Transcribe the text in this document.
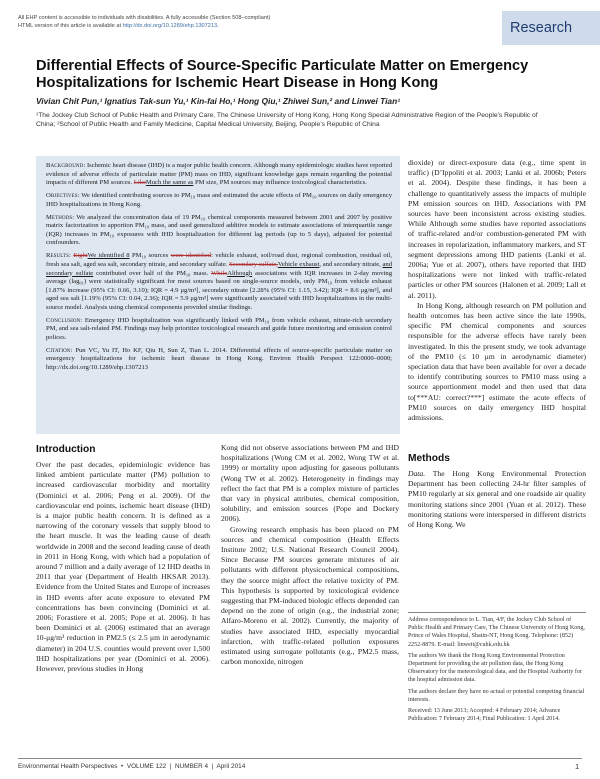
All EHP content is accessible to individuals with disabilities. A fully accessible (Section 508–compliant)
HTML version of this article is available at http://dx.doi.org/10.1289/ehp.1307213.	Research
Differential Effects of Source-Specific Particulate Matter on Emergency Hospitalizations for Ischemic Heart Disease in Hong Kong
Vivian Chit Pun,¹ Ignatius Tak-sun Yu,¹ Kin-fai Ho,¹ Hong Qiu,¹ Zhiwei Sun,² and Linwei Tian¹
¹The Jockey Club School of Public Health and Primary Care, The Chinese University of Hong Kong, Hong Kong Special Administrative Region of the People’s Republic of China; ²School of Public Health and Family Medicine, Capital Medical University, Beijing, People’s Republic of China

Background: Ischemic heart disease (IHD) is a major public health concern. Although many epidemiologic studies have reported evidence of adverse effects of particulate matter (PM) mass on IHD, significant knowledge gaps remain regarding the potential impacts of different PM sources. LikeMuch the same as PM size, PM sources may influence toxicological characteristics.

Objectives: We identified contributing sources to PM₁₀ mass and estimated the acute effects of PM₁₀ sources on daily emergency IHD hospitalizations in Hong Kong.

Methods: We analyzed the concentration data of 19 PM₁₀ chemical components measured between 2001 and 2007 by positive matrix factorization to apportion PM₁₀ mass, and used generalized additive models to estimate associations of interquartile range (IQR) increases in PM₁₀ exposures with IHD hospitalization for different lag periods (up to 5 days), adjusted for potential confounders.

Results: EightWe identified 8 PM₁₀ sources were identified: vehicle exhaust, soil/road dust, regional combustion, residual oil, fresh sea salt, aged sea salt, secondary nitrate, and secondary sulfate. Secondary sulfate,Vehicle exhaust, and secondary nitrate, and secondary sulfate contributed over half of the PM₁₀ mass. WhileAlthough associations with IQR increases in 2-day moving average (lag₀₁) were statistically significant for most sources based on single-source models, only PM₁₀ from vehicle exhaust [1.87% increase (95% CI: 0.66, 3.10); IQR = 4.9 μg/m³], secondary nitrate [2.28% (95% CI: 1.15, 3.42); IQR = 8.6 μg/m³], and aged sea salt [1.19% (95% CI: 0.04, 2.36); IQR = 5.9 μg/m³] were significantly associated with IHD hospitalizations in the multi-source model. Analysis using chemical components provided similar findings.

Conclusion: Emergency IHD hospitalization was significantly linked with PM₁₀ from vehicle exhaust, nitrate-rich secondary PM, and sea salt-related PM. Findings may help prioritize toxicological research and guide future monitoring and emission control polices.

Citation: Pun VC, Yu IT, Ho KF, Qiu H, Sun Z, Tian L. 2014. Differential effects of source-specific particulate matter on emergency hospitalizations for ischemic heart disease in Hong Kong. Environ Health Perspect 122:0000–0000; http://dx.doi.org/10.1289/ehp.1307213

Introduction

Over the past decades, epidemiologic evidence has linked ambient particulate matter (PM) pollution to increased cardiovascular morbidity and mortality (Dominici et al. 2006; Peng et al. 2009). Of the cardiovascular end points, ischemic heart disease (IHD) is a major public health concern. It is defined as a narrowing of the coronary vessels that supply blood to the heart muscle. It was the leading cause of death worldwide in 2008 and the second leading cause of death in 2011 in Hong Kong, with which had a population of around 7 million and a daily average of 12 IHD deaths in 2011 that year (Department of Health HKSAR 2013). Evidence from the United States and Europe of increases in IHD events after acute exposure to elevated PM concentrations has been convincing (Dominici et al. 2006; Forastiere et al. 2005; Pope et al. 2006). It has been Dominici et al. (2006) estimated that an average 10-μg/m³ reduction in PM2.5 (≤ 2.5 μm in aerodynamic diameter) in 204 U.S. counties would prevent over 1,500 IHD hospitalizations per year (Dominici et al. 2006). However, previous studies in Hong

Kong did not observe associations between PM and IHD hospitalizations (Wong CM et al. 2002, Wong TW et al. 1999) or mortality upon adjusting for gaseous pollutants (Wong TW et al. 2002). Heterogeneity in findings may reflect the fact that PM is a complex mixture of particles that vary in physical attributes, chemical composition, solubility, and emission sources (Pope and Dockery 2006).

Growing research emphasis has been placed on PM sources and chemical composition (Health Effects Institute 2002; U.S. National Research Council 2004). Since Because PM sources generate mixtures of air pollutants with different physicochemical compositions, they the source might affect the relative toxicity of PM. This hypothesis is supported by toxicological evidence suggesting that PM-induced biologic effects depended can depend on the zone of origin (e.g., the industrial zone; Alfaro-Moreno et al. 2002). Currently, the majority of studies have associated IHD, especially myocardial infarction, with traffic-related pollution exposures estimated using surrogate pollutants (e.g., PM2.5 mass, carbon monoxide, nitrogen

dioxide) or direct-exposure data (e.g., time spent in traffic) (D’Ippoliti et al. 2003; Lanki et al. 2006b; Peters et al. 2004). Despite these findings, it has been a challenge to quantitatively assess the impacts of multiple PM emission sources on IHD. Associations with PM sources have been inconsistent across existing studies. While Although some studies have reported associations of traffic-related and/or combustion-generated PM with increases in repolarization, inflammatory markers, and ST segment depressions among IHD patients (Lanki et al. 2006a; Yue et al. 2007), others have reported that IHD hospitalizations were not linked with traffic-related particles or other PM sources (Halonen et al. 2009; Lall et al. 2011).

In Hong Kong, although research on PM pollution and health outcomes has been active since the late 1990s, specific PM chemical components and sources responsible for the adverse effects have rarely been investigated. In this the present study, we took advantage of the PM10 (≤ 10 μm in aerodynamic diameter) speciation data that have been available for over a decade to identify contributing sources to PM10 mass using a source apportionment model and then used that data to[***AU: correct?***] estimate the acute effects of PM10 sources on daily emergency IHD hospital admissions.

Methods

Data. The Hong Kong Environmental Protection Department has been collecting 24-hr filter samples of PM10 regularly at six general and one roadside air quality monitoring stations since 2001 (Yuan et al. 2012). These monitoring stations were interspersed in different districts of Hong Kong. We

Address correspondence to L. Tian, 4/F, the Jockey Club School of Public Health and Primary Care, The Chinese University of Hong Kong, Prince of Wales Hospital, Shatin-NT, Hong Kong. Telephone: (852) 2252-8879. E-mail: linweit@cuhk.edu.hk

The authors We thank the Hong Kong Environmental Protection Department for providing the air pollution data, the Hong Kong Observatory for the meteorological data, and the Hospital Authority for the hospital admission data.

The authors declare they have no actual or potential competing financial interests.

Received: 13 June 2013; Accepted: 4 February 2014; Advance Publication: 7 February 2014; Final Publication: 1 April 2014.

Environmental Health Perspectives  •  VOLUME 122  |  NUMBER 4  |  April 2014	1
